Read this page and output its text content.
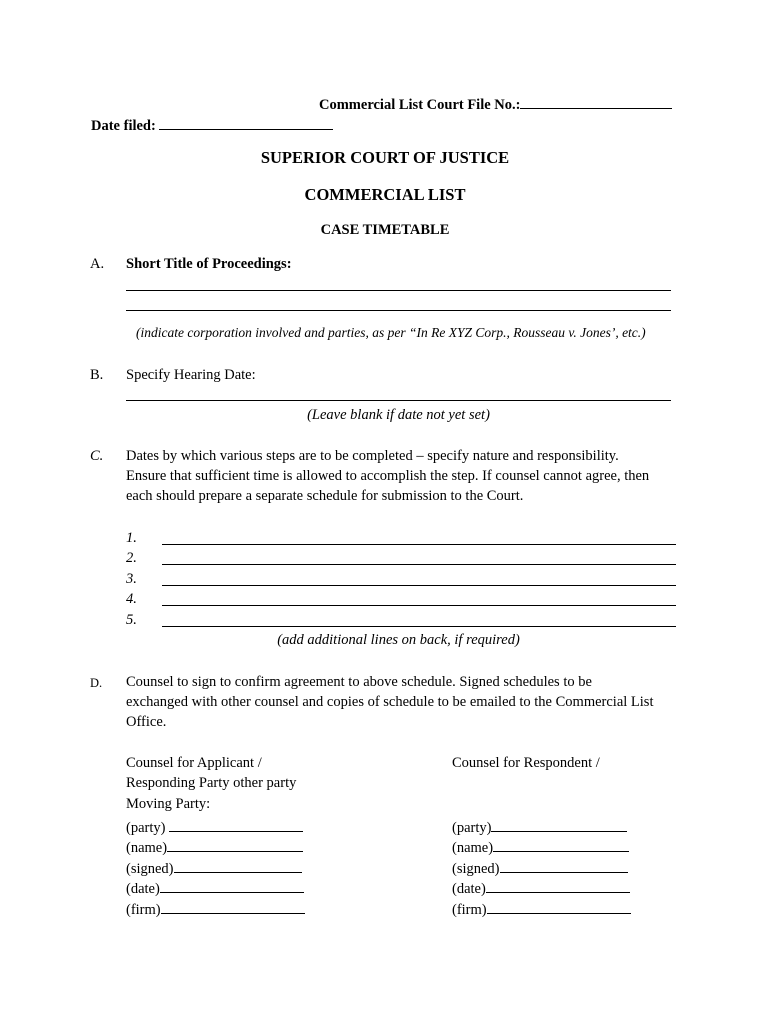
Commercial List Court File No.:
Date filed:
SUPERIOR COURT OF JUSTICE
COMMERCIAL LIST
CASE TIMETABLE
A. Short Title of Proceedings:
(indicate corporation involved and parties, as per “In Re XYZ Corp., Rousseau v. Jones’, etc.)
B. Specify Hearing Date:
(Leave blank if date not yet set)
C. Dates by which various steps are to be completed – specify nature and responsibility.
Ensure that sufficient time is allowed to accomplish the step. If counsel cannot agree, then
each should prepare a separate schedule for submission to the Court.
1.
2.
3.
4.
5.
(add additional lines on back, if required)
D. Counsel to sign to confirm agreement to above schedule. Signed schedules to be
exchanged with other counsel and copies of schedule to be emailed to the Commercial List
Office.
Counsel for Applicant /
Responding Party other party
Moving Party:
(party)
(name)
(signed)
(date)
(firm)
Counsel for Respondent /
(party)
(name)
(signed)
(date)
(firm)
